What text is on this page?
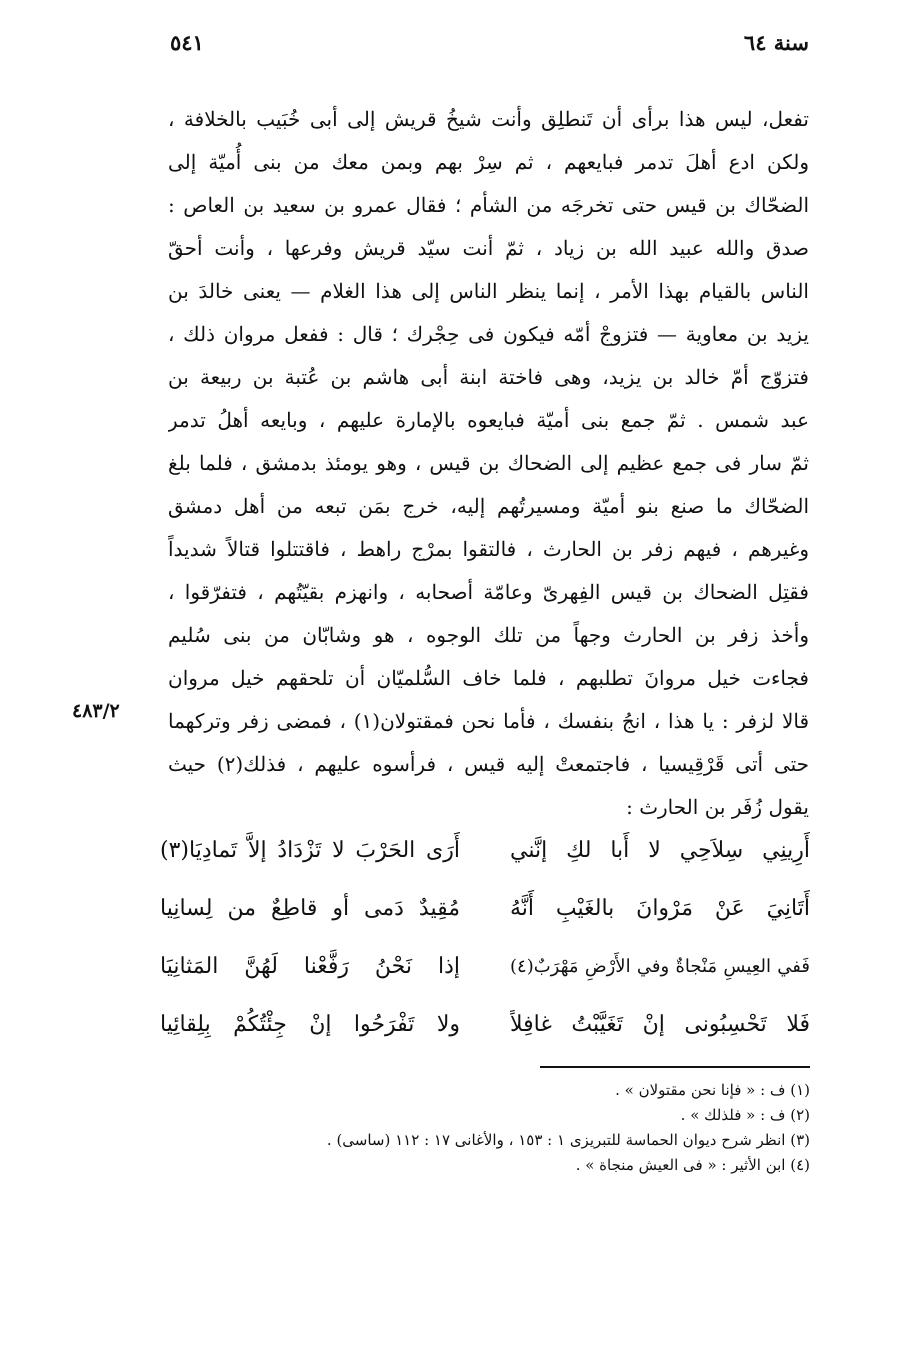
سنة ٦٤
٥٤١
تفعل، ليس هذا برأى أن تَنطلِق وأنت شيخُ قريش إلى أبى خُبَيب بالخلافة ،
ولكن ادع أهلَ تدمر فبايعهم ، ثم سِرْ بهم وبمن معك من بنى أُميّة إلى
الضحّاك بن قيس حتى تخرجَه من الشأم ؛ فقال عمرو بن سعيد بن العاص :
صدق والله عبيد الله بن زياد ، ثمّ أنت سيّد قريش وفرعها ، وأنت أحقّ
الناس بالقيام بهذا الأمر ، إنما ينظر الناس إلى هذا الغلام — يعنى خالدَ بن
يزيد بن معاوية — فتزوجْ أمّه فيكون فى حِجْرك ؛ قال : ففعل مروان ذلك ،
فتزوّج أمّ خالد بن يزيد، وهى فاختة ابنة أبى هاشم بن عُتبة بن ربيعة بن
عبد شمس . ثمّ جمع بنى أميّة فبايعوه بالإمارة عليهم ، وبايعه أهلُ تدمر
ثمّ سار فى جمع عظيم إلى الضحاك بن قيس ، وهو يومئذ بدمشق ، فلما بلغ
الضحّاك ما صنع بنو أميّة ومسيرتُهم إليه، خرج بمَن تبعه من أهل دمشق
وغيرهم ، فيهم زفر بن الحارث ، فالتقوا بمرْج راهط ، فاقتتلوا قتالاً شديداً
فقتِل الضحاك بن قيس الفِهرىّ وعامّة أصحابه ، وانهزم بقيّتُهم ، فتفرّقوا ،
وأخذ زفر بن الحارث وجهاً من تلك الوجوه ، هو وشابّان من بنى سُليم
فجاءت خيل مروانَ تطلبهم ، فلما خاف السُّلميّان أن تلحقهم خيل مروان
قالا لزفر : يا هذا ، انجُ بنفسك ، فأما نحن فمقتولان(١) ، فمضى زفر وتركهما
حتى أتى قَرْقِيسيا ، فاجتمعتْ إليه قيس ، فرأسوه عليهم ، فذلك(٢) حيث
يقول زُفَر بن الحارث :
٤٨٣/٢
أَرِينِي سِلاَحِي لا أَبا لكِ إنَّني
أَرَى الحَرْبَ لا تَزْدَادُ إلاَّ تَمادِيَا(٣)
أَتَانِيَ عَنْ مَرْوانَ بالغَيْبِ أَنَّهُ
مُقِيدٌ دَمى أو قاطِعٌ من لِسانِيا
فَفي العِيسِ مَنْجاةٌ وفي الأَرْضِ مَهْرَبٌ(٤)
إذا نَحْنُ رَفَّعْنا لَهُنَّ المَثانِيَا
فَلا تَحْسِبُونى إنْ تَغَيَّبْتُ غافِلاً
ولا تَفْرَحُوا إنْ جِئْتُكُمْ بِلِقائِيا
(١) ف : « فإنا نحن مقتولان » .
(٢) ف : « فلذلك » .
(٣) انظر شرح ديوان الحماسة للتبريزى ١ : ١٥٣ ، والأغانى ١٧ : ١١٢ (ساسى) .
(٤) ابن الأثير : « فى العيش منجاة » .
